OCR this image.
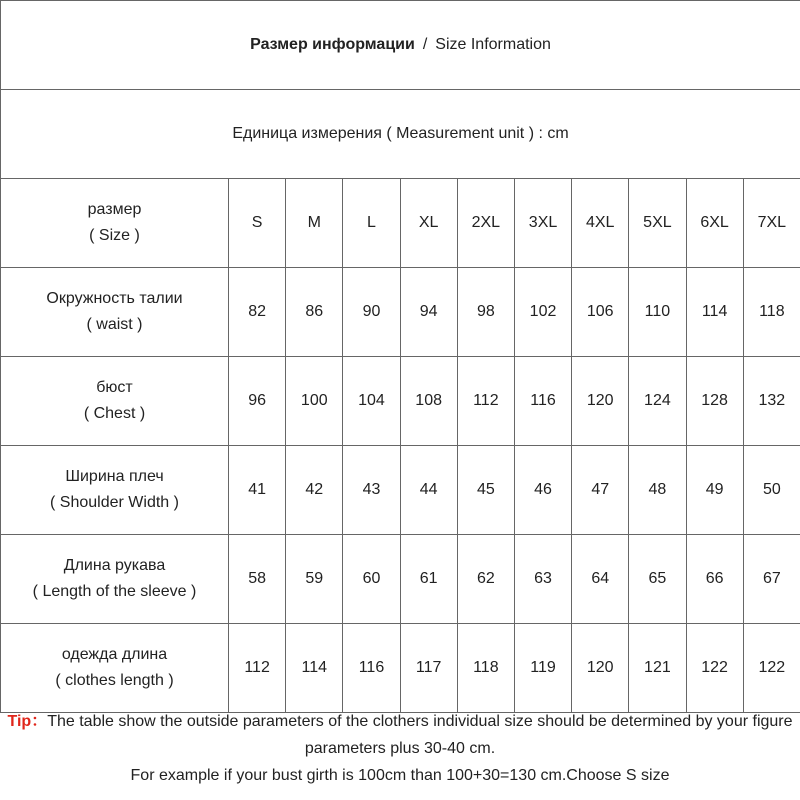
Размер информации / Size Information										
Единица измерения ( Measurement unit ) : cm										

размер
( Size )	S	M	L	XL	2XL	3XL	4XL	5XL	6XL	7XL

Окружность талии
( waist )	82	86	90	94	98	102	106	110	114	118

бюст
( Chest )	96	100	104	108	112	116	120	124	128	132

Ширина плеч
( Shoulder Width )	41	42	43	44	45	46	47	48	49	50

Длина рукава
( Length of the sleeve )	58	59	60	61	62	63	64	65	66	67

одежда длина
( clothes length )	112	114	116	117	118	119	120	121	122	122
Tip：The table show the outside parameters of the clothers individual size should be determined by your figure
parameters plus 30-40 cm.
For example if your bust girth is 100cm than 100+30=130 cm.Choose S size
